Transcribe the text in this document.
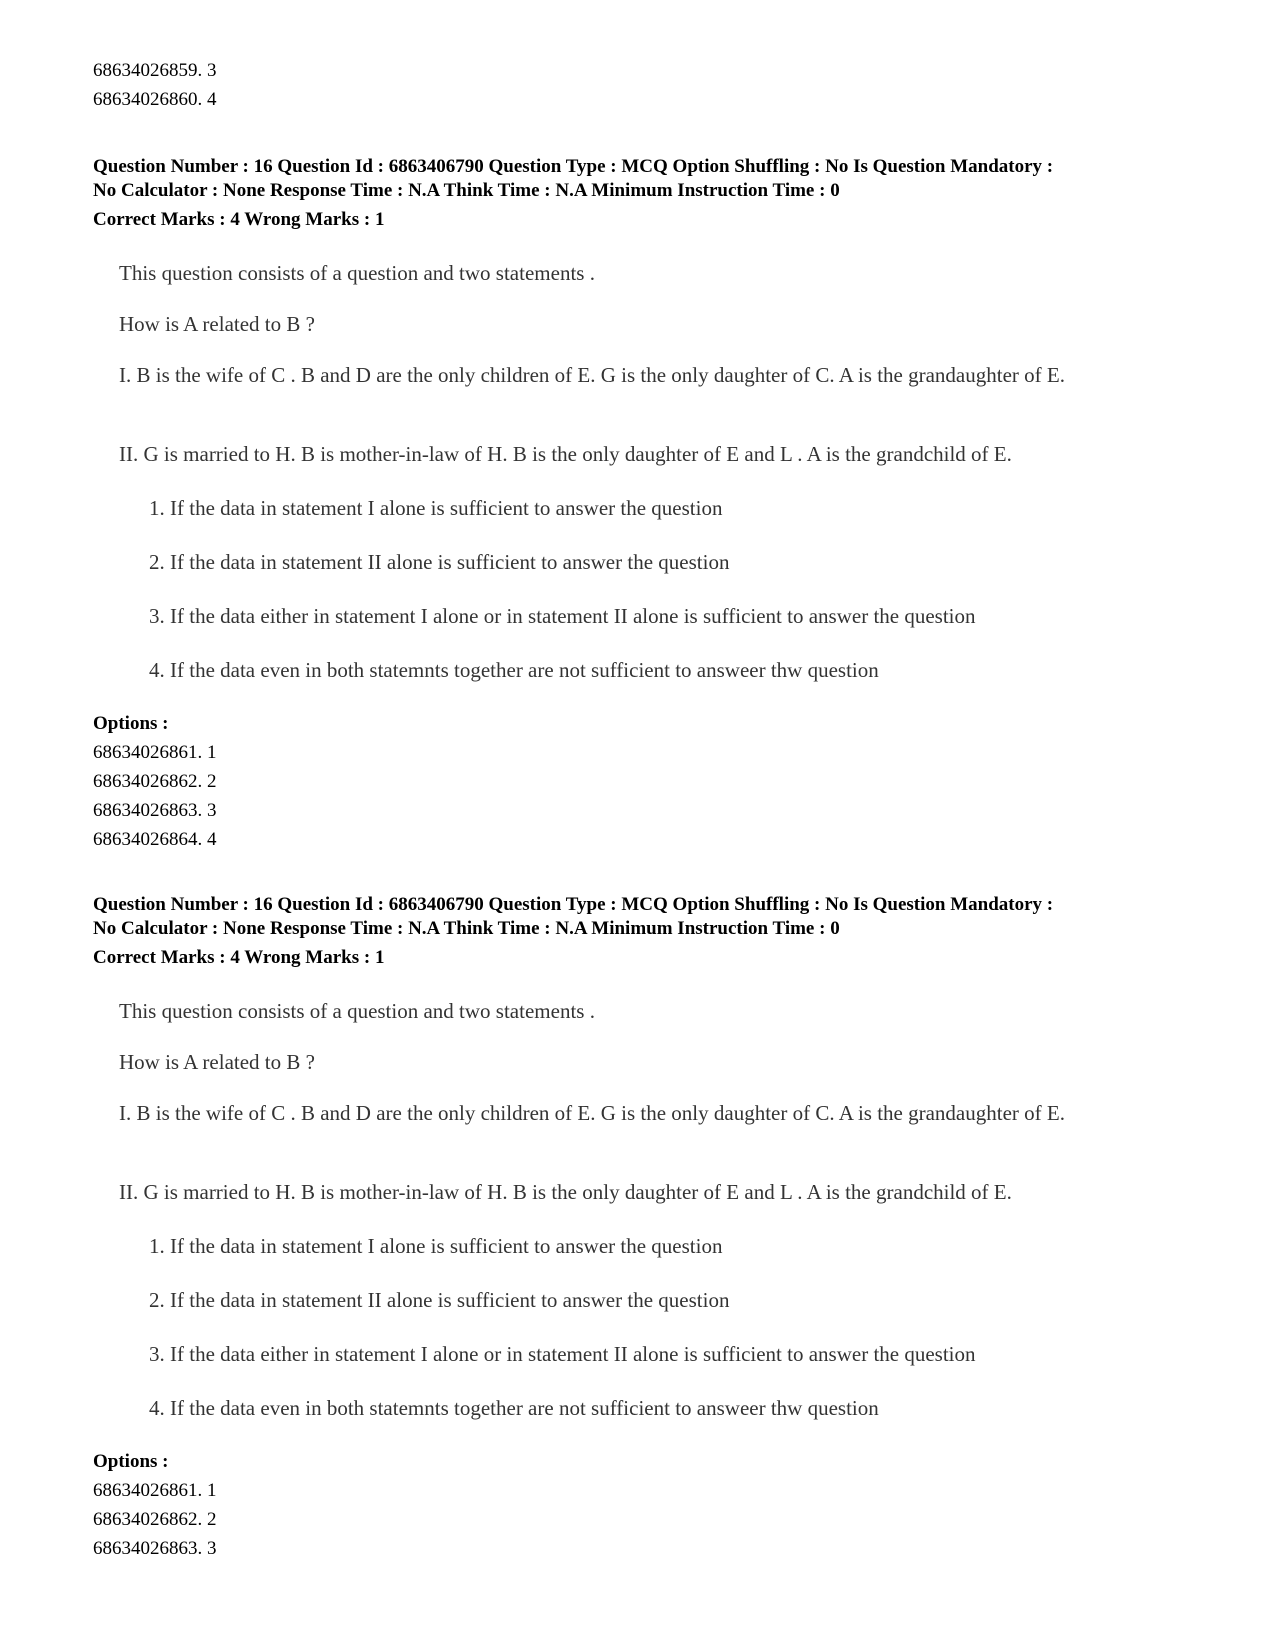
68634026859. 3
68634026860. 4
Question Number : 16 Question Id : 6863406790 Question Type : MCQ Option Shuffling : No Is Question Mandatory :
No Calculator : None Response Time : N.A Think Time : N.A Minimum Instruction Time : 0
Correct Marks : 4 Wrong Marks : 1
This question consists of a question and two statements .
How is A related to B ?
I. B is the wife of C . B and D are the only children of E. G is the only daughter of C. A is the grandaughter of E.
II. G is married to H. B is mother-in-law of H. B is the only daughter of E and L . A is the grandchild of E.
1. If the data in statement I alone is sufficient to answer the question
2. If the data in statement II alone is sufficient to answer the question
3. If the data either in statement I alone or in statement II alone is sufficient to answer the question
4. If the data even in both statemnts together are not sufficient to answeer thw question
Options :
68634026861. 1
68634026862. 2
68634026863. 3
68634026864. 4
Question Number : 16 Question Id : 6863406790 Question Type : MCQ Option Shuffling : No Is Question Mandatory :
No Calculator : None Response Time : N.A Think Time : N.A Minimum Instruction Time : 0
Correct Marks : 4 Wrong Marks : 1
This question consists of a question and two statements .
How is A related to B ?
I. B is the wife of C . B and D are the only children of E. G is the only daughter of C. A is the grandaughter of E.
II. G is married to H. B is mother-in-law of H. B is the only daughter of E and L . A is the grandchild of E.
1. If the data in statement I alone is sufficient to answer the question
2. If the data in statement II alone is sufficient to answer the question
3. If the data either in statement I alone or in statement II alone is sufficient to answer the question
4. If the data even in both statemnts together are not sufficient to answeer thw question
Options :
68634026861. 1
68634026862. 2
68634026863. 3
